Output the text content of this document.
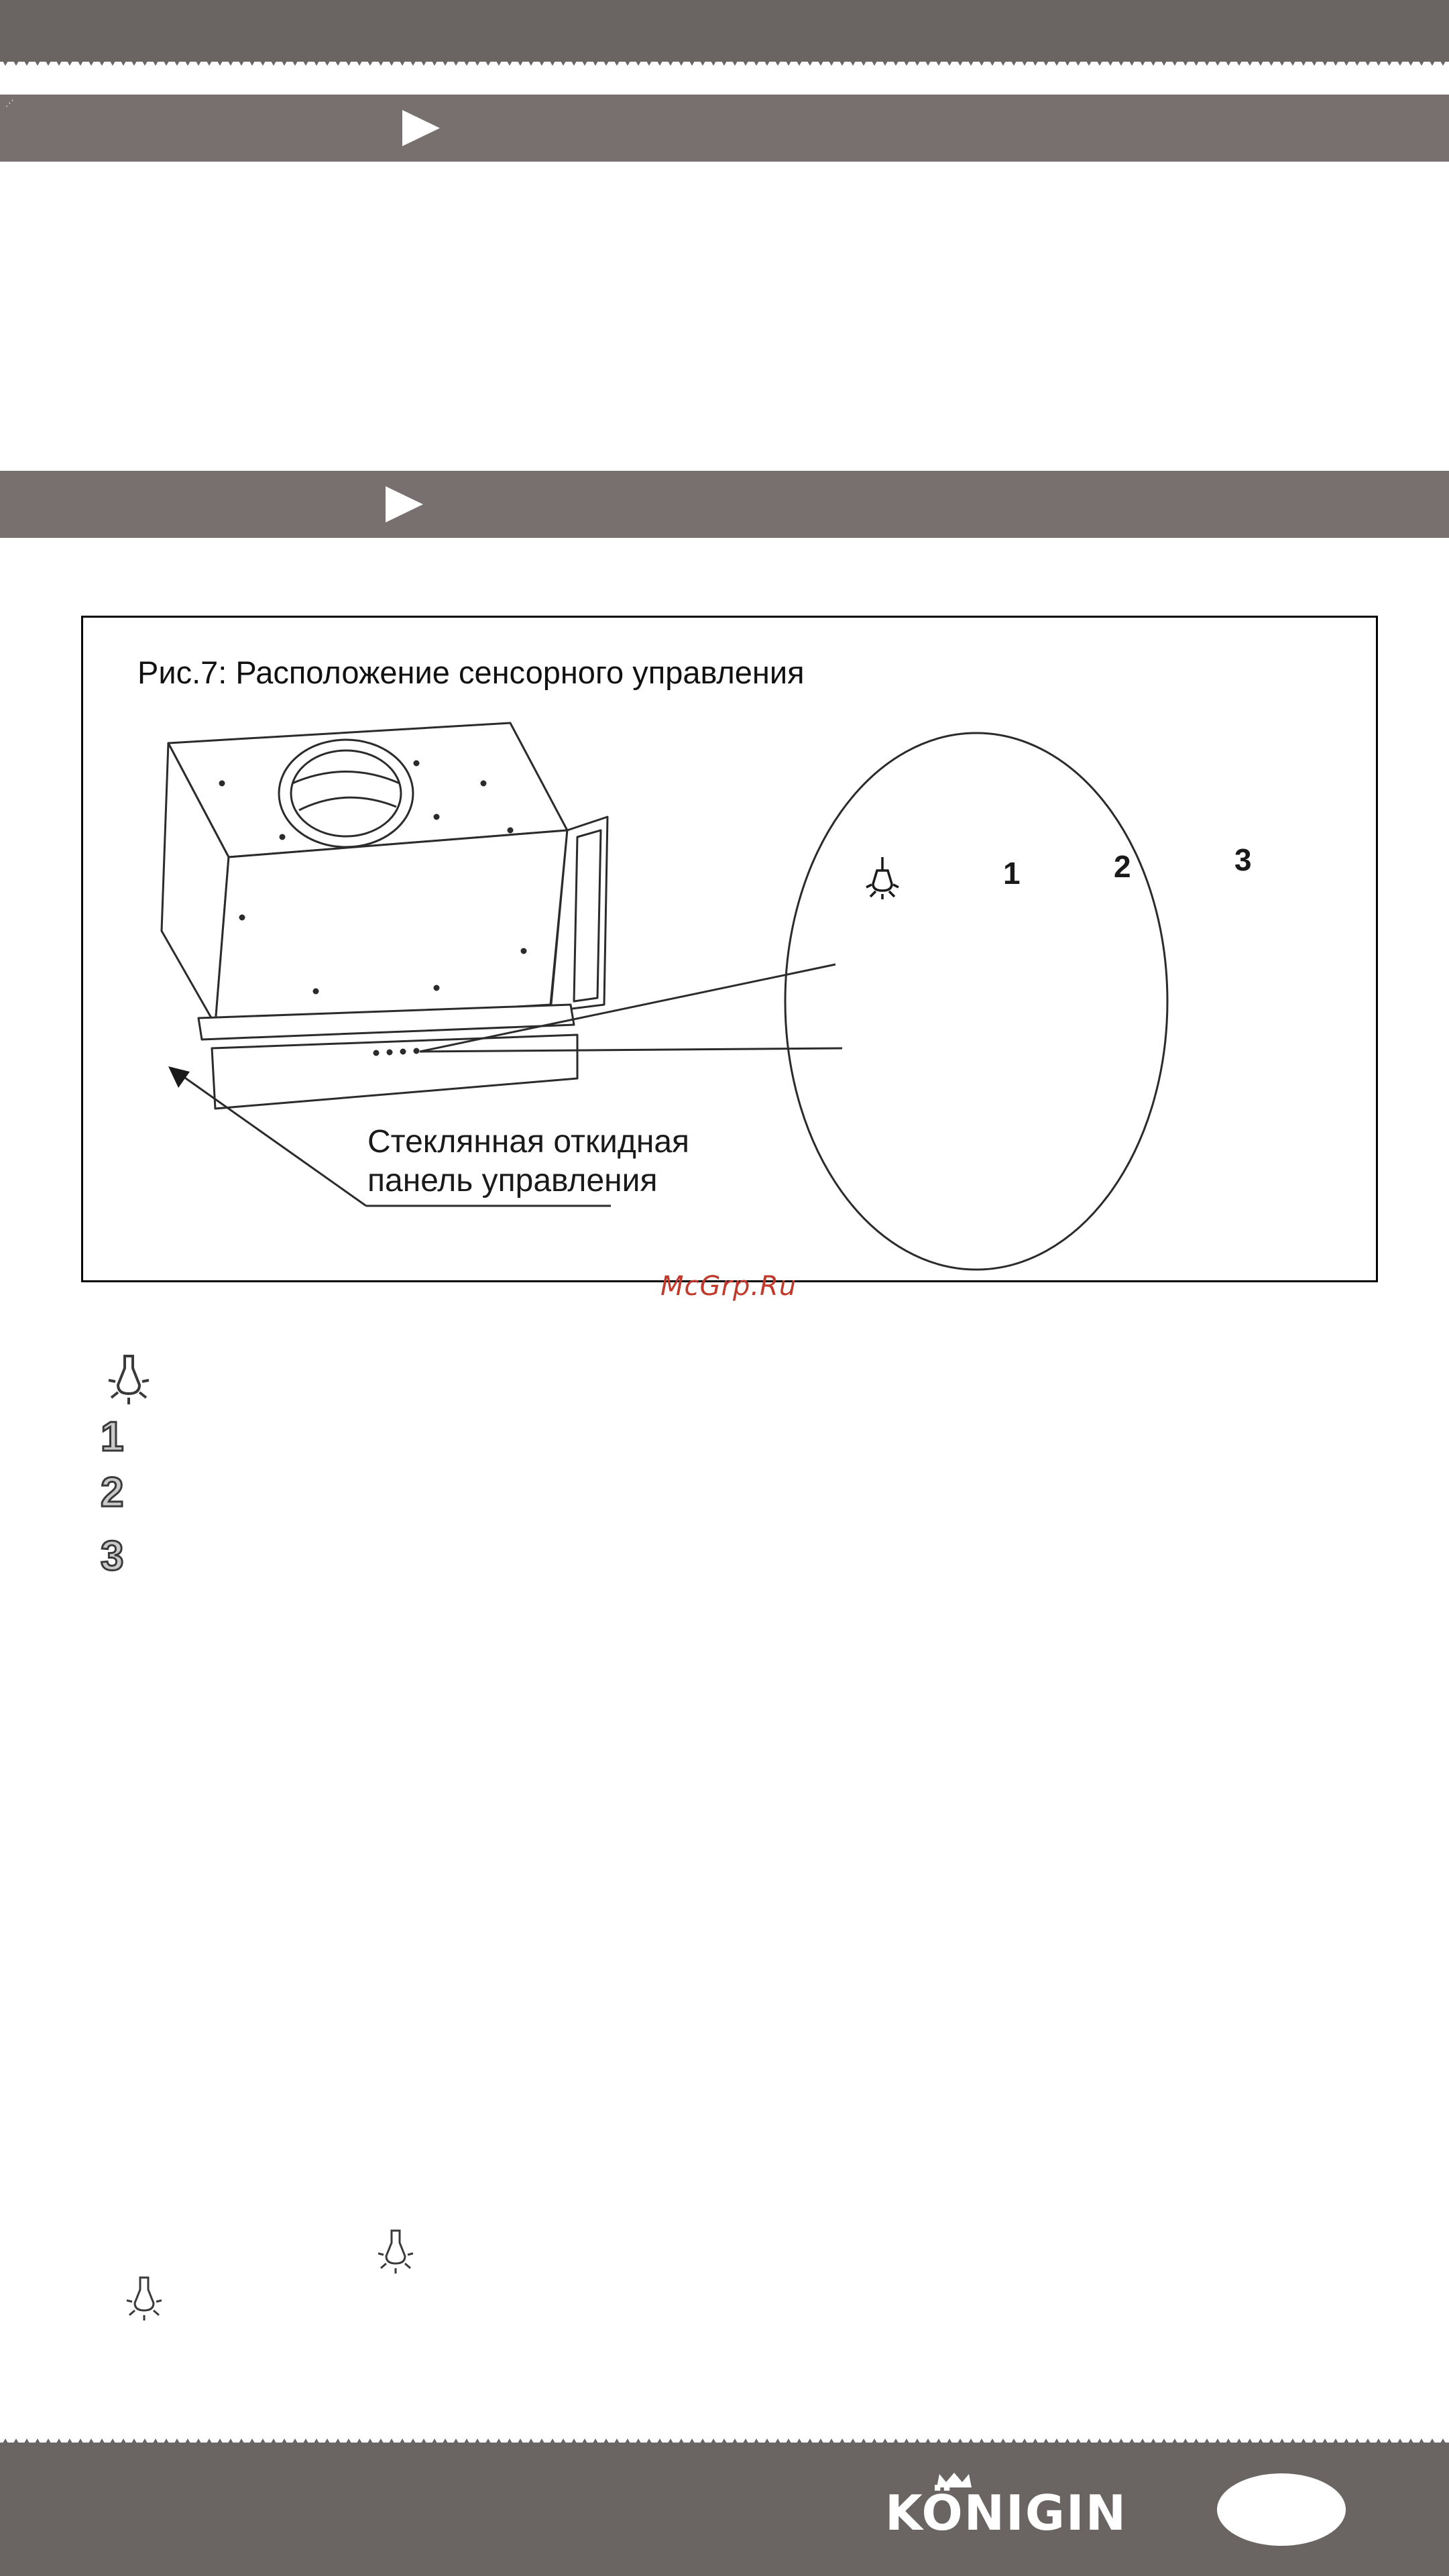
⋰
1	2	3
Стеклянная откидная
панель управления
Рис.7: Расположение сенсорного управления
McGrp.Ru
1
2
3
KÖNIGIN
